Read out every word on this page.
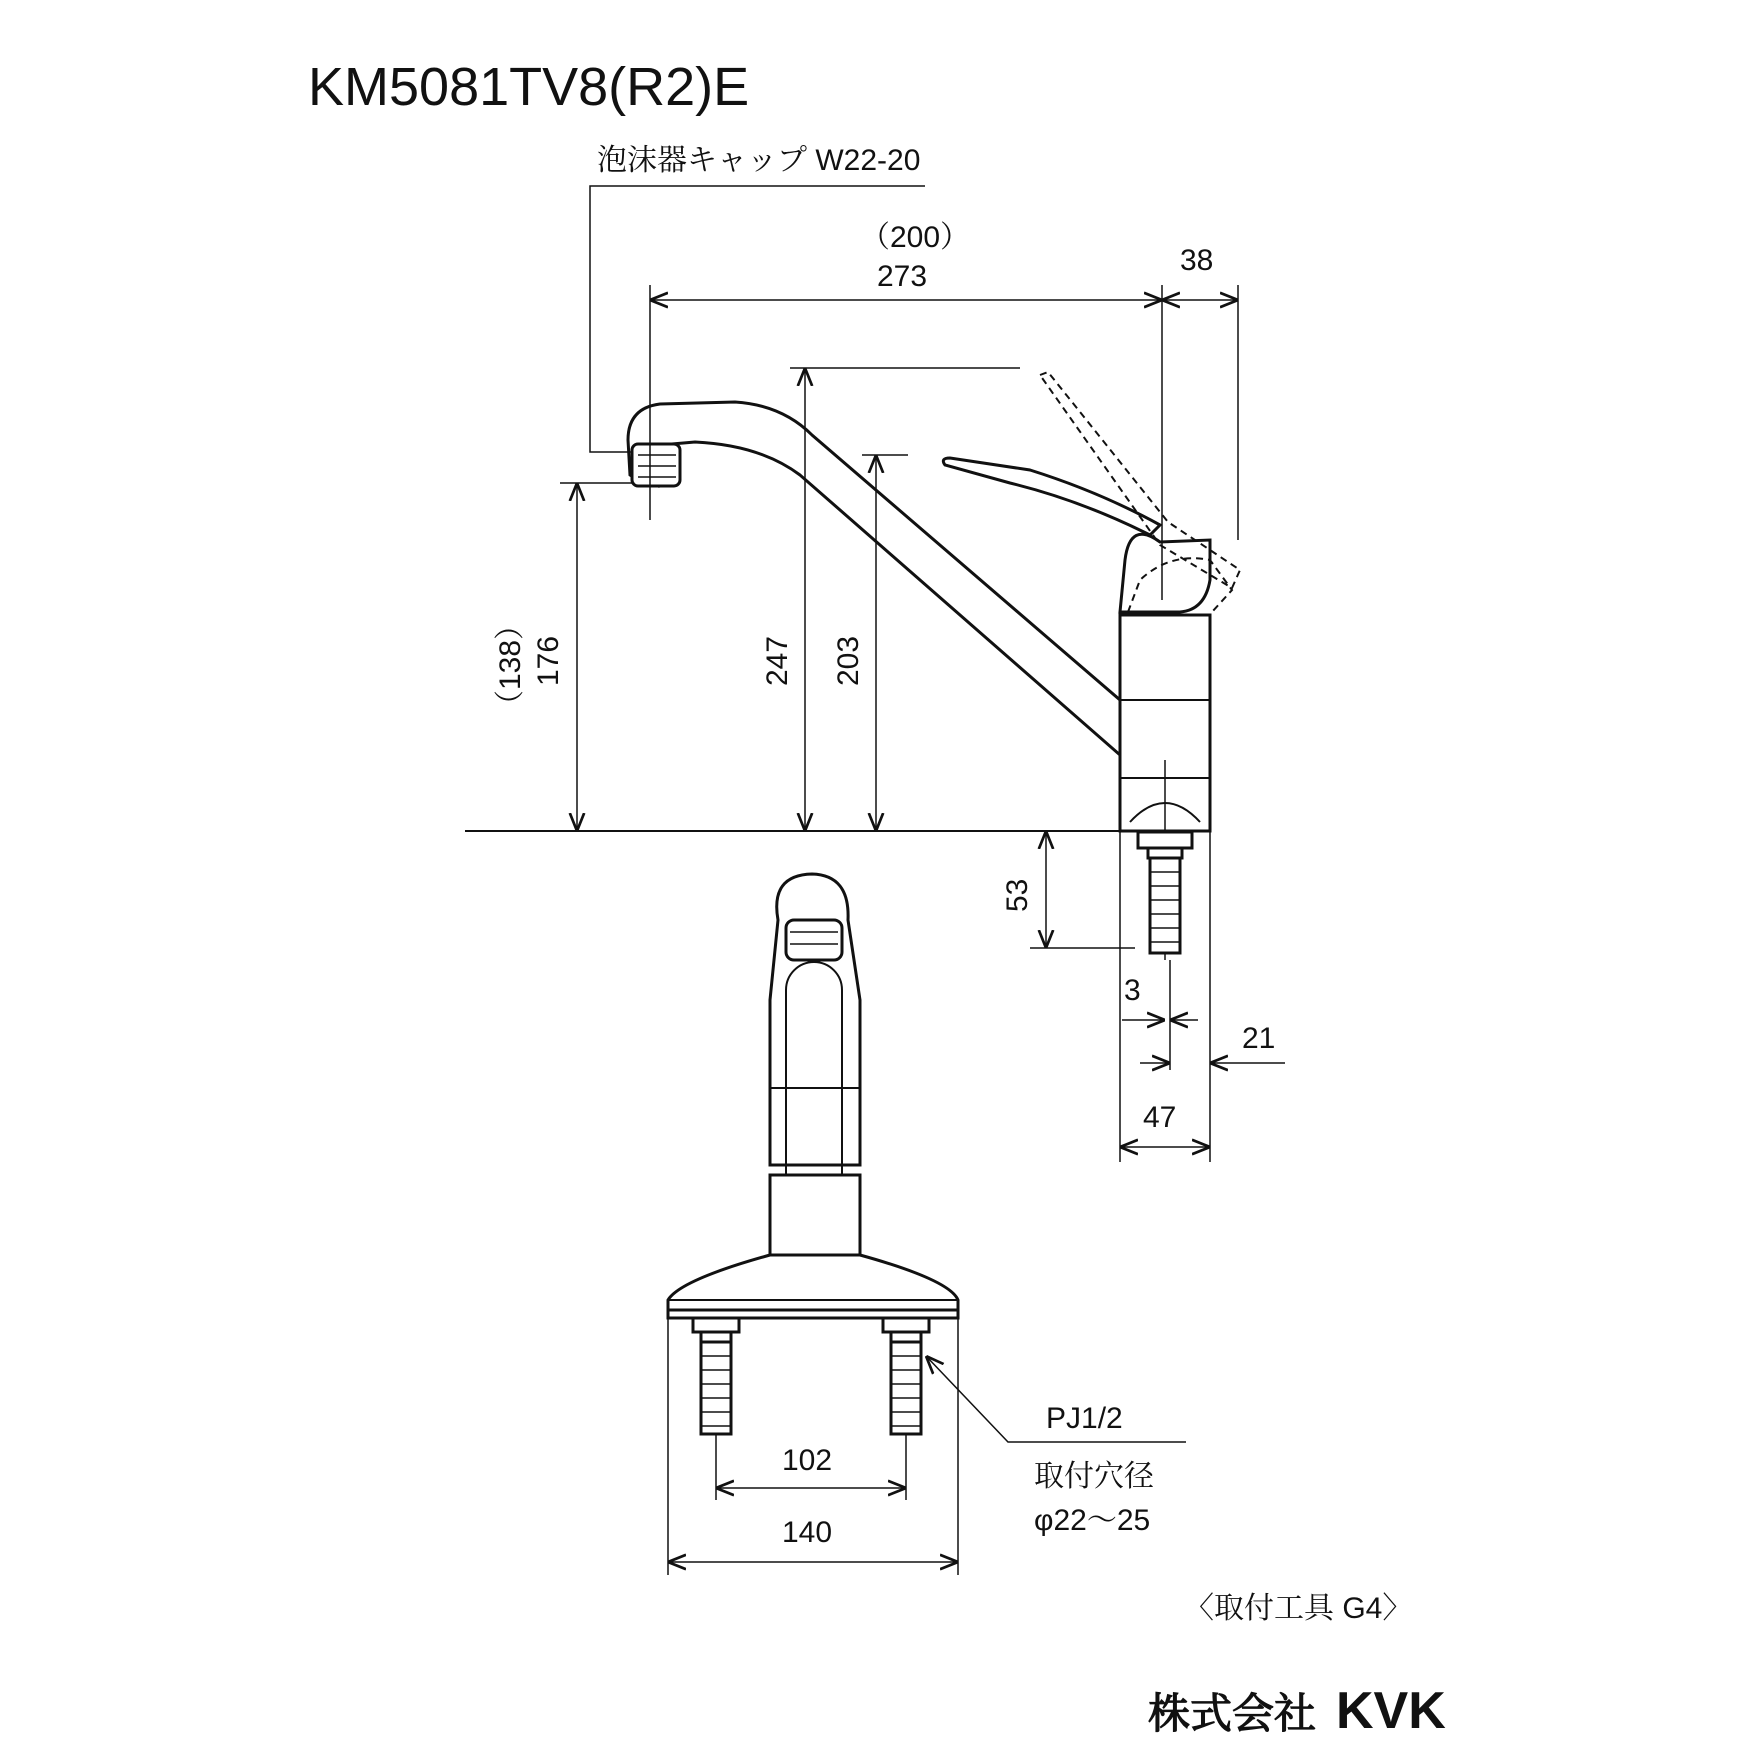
KM5081TV8(R2)E
泡沫器キャップ W22-20
（200）
273	38
（138） 176	247 203
53
3
21
47
102
140
PJ1/2
取付穴径
φ22～25
〈取付工具 G4〉
株式会社 KVK
